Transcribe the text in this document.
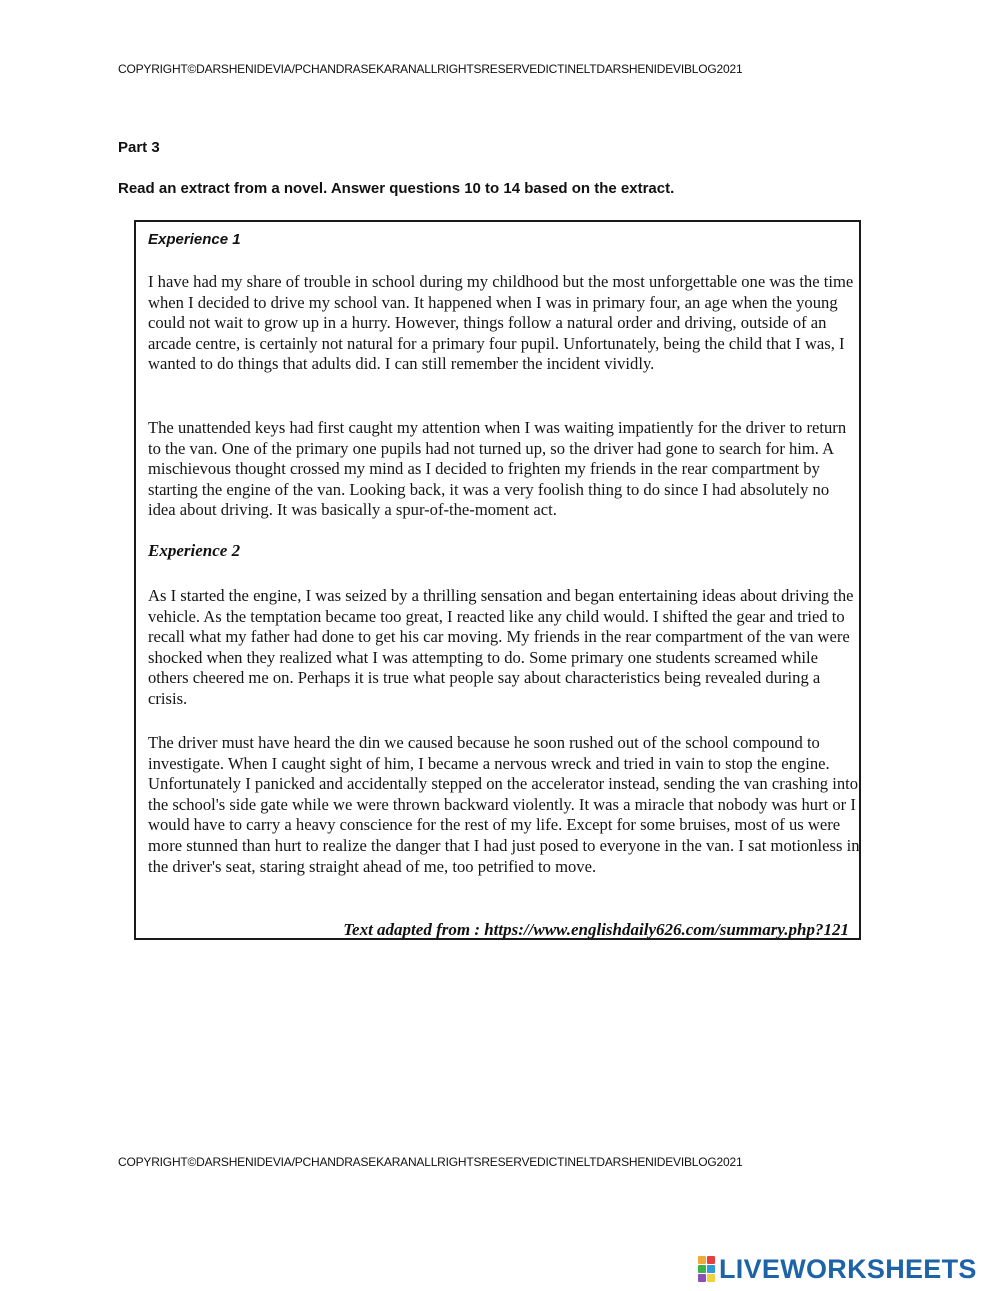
COPYRIGHT©DARSHENIDEVIA/PCHANDRASEKARANALLRIGHTSRESERVEDICTINELTDARSHENIDEVIBLOG2021
Part 3
Read an extract from a novel. Answer questions 10 to 14 based on the extract.
Experience 1

I have had my share of trouble in school during my childhood but the most unforgettable one was the time when I decided to drive my school van. It happened when I was in primary four, an age when the young could not wait to grow up in a hurry. However, things follow a natural order and driving, outside of an arcade centre, is certainly not natural for a primary four pupil. Unfortunately, being the child that I was, I wanted to do things that adults did. I can still remember the incident vividly.

The unattended keys had first caught my attention when I was waiting impatiently for the driver to return to the van. One of the primary one pupils had not turned up, so the driver had gone to search for him. A mischievous thought crossed my mind as I decided to frighten my friends in the rear compartment by starting the engine of the van. Looking back, it was a very foolish thing to do since I had absolutely no idea about driving. It was basically a spur-of-the-moment act.

Experience 2

As I started the engine, I was seized by a thrilling sensation and began entertaining ideas about driving the vehicle. As the temptation became too great, I reacted like any child would. I shifted the gear and tried to recall what my father had done to get his car moving. My friends in the rear compartment of the van were shocked when they realized what I was attempting to do. Some primary one students screamed while others cheered me on. Perhaps it is true what people say about characteristics being revealed during a crisis.

The driver must have heard the din we caused because he soon rushed out of the school compound to investigate. When I caught sight of him, I became a nervous wreck and tried in vain to stop the engine. Unfortunately I panicked and accidentally stepped on the accelerator instead, sending the van crashing into the school's side gate while we were thrown backward violently. It was a miracle that nobody was hurt or I would have to carry a heavy conscience for the rest of my life. Except for some bruises, most of us were more stunned than hurt to realize the danger that I had just posed to everyone in the van. I sat motionless in the driver's seat, staring straight ahead of me, too petrified to move.

Text adapted from : https://www.englishdaily626.com/summary.php?121
COPYRIGHT©DARSHENIDEVIA/PCHANDRASEKARANALLRIGHTSRESERVEDICTINELTDARSHENIDEVIBLOG2021
LIVEWORKSHEETS
